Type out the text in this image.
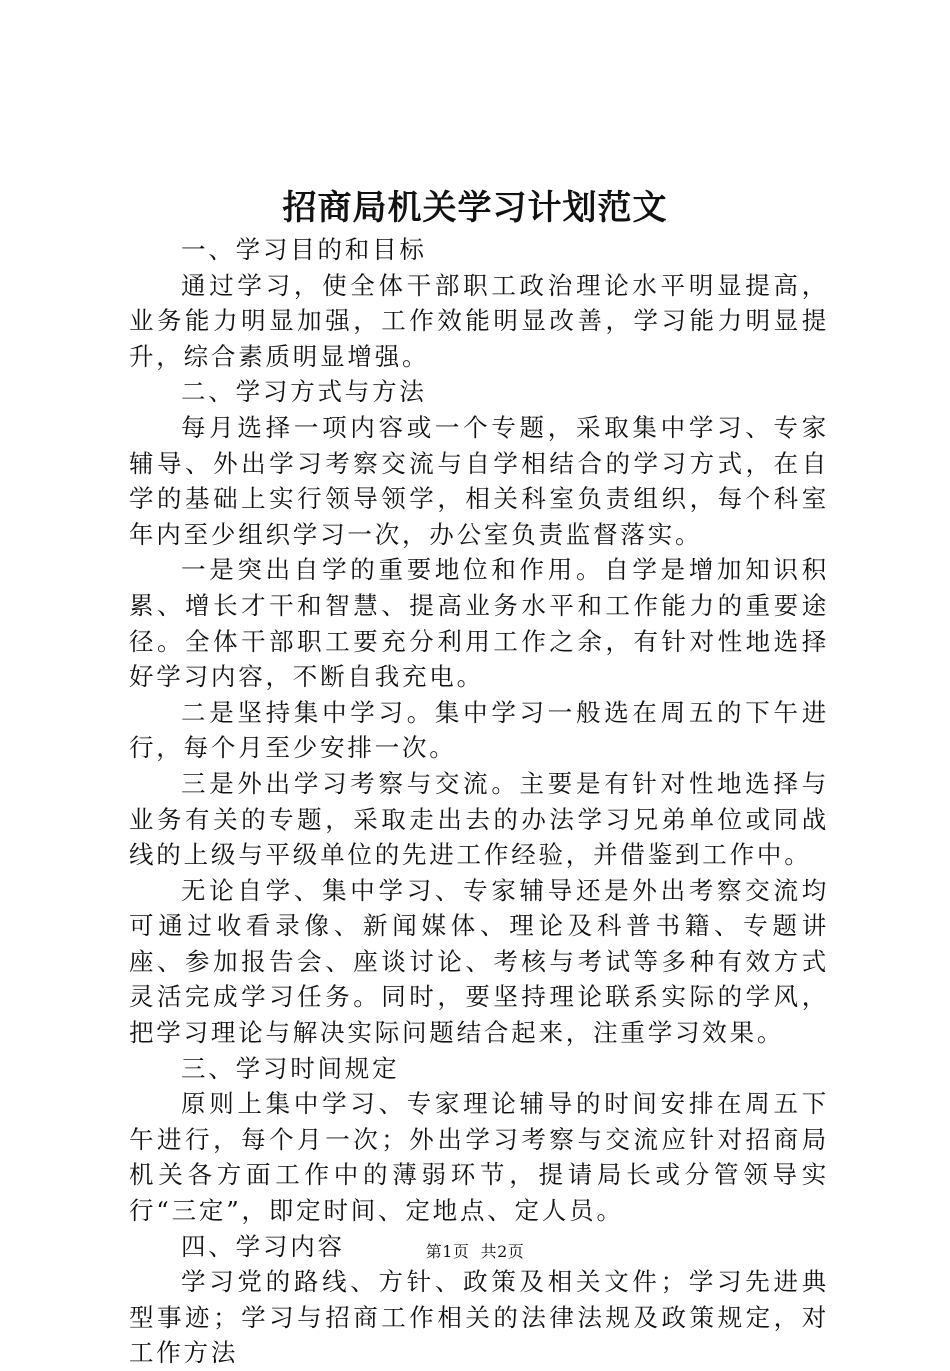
招商局机关学习计划范文

一、学习目的和目标

通过学习，使全体干部职工政治理论水平明显提高，业务能力明显加强，工作效能明显改善，学习能力明显提升，综合素质明显增强。

二、学习方式与方法

每月选择一项内容或一个专题，采取集中学习、专家辅导、外出学习考察交流与自学相结合的学习方式，在自学的基础上实行领导领学，相关科室负责组织，每个科室年内至少组织学习一次，办公室负责监督落实。

一是突出自学的重要地位和作用。自学是增加知识积累、增长才干和智慧、提高业务水平和工作能力的重要途径。全体干部职工要充分利用工作之余，有针对性地选择好学习内容，不断自我充电。

二是坚持集中学习。集中学习一般选在周五的下午进行，每个月至少安排一次。

三是外出学习考察与交流。主要是有针对性地选择与业务有关的专题，采取走出去的办法学习兄弟单位或同战线的上级与平级单位的先进工作经验，并借鉴到工作中。

无论自学、集中学习、专家辅导还是外出考察交流均可通过收看录像、新闻媒体、理论及科普书籍、专题讲座、参加报告会、座谈讨论、考核与考试等多种有效方式灵活完成学习任务。同时，要坚持理论联系实际的学风，把学习理论与解决实际问题结合起来，注重学习效果。

三、学习时间规定

原则上集中学习、专家理论辅导的时间安排在周五下午进行，每个月一次；外出学习考察与交流应针对招商局机关各方面工作中的薄弱环节，提请局长或分管领导实行“三定”，即定时间、定地点、定人员。

四、学习内容

学习党的路线、方针、政策及相关文件；学习先进典型事迹；学习与招商工作相关的法律法规及政策规定，对工作方法

第1页  共2页
